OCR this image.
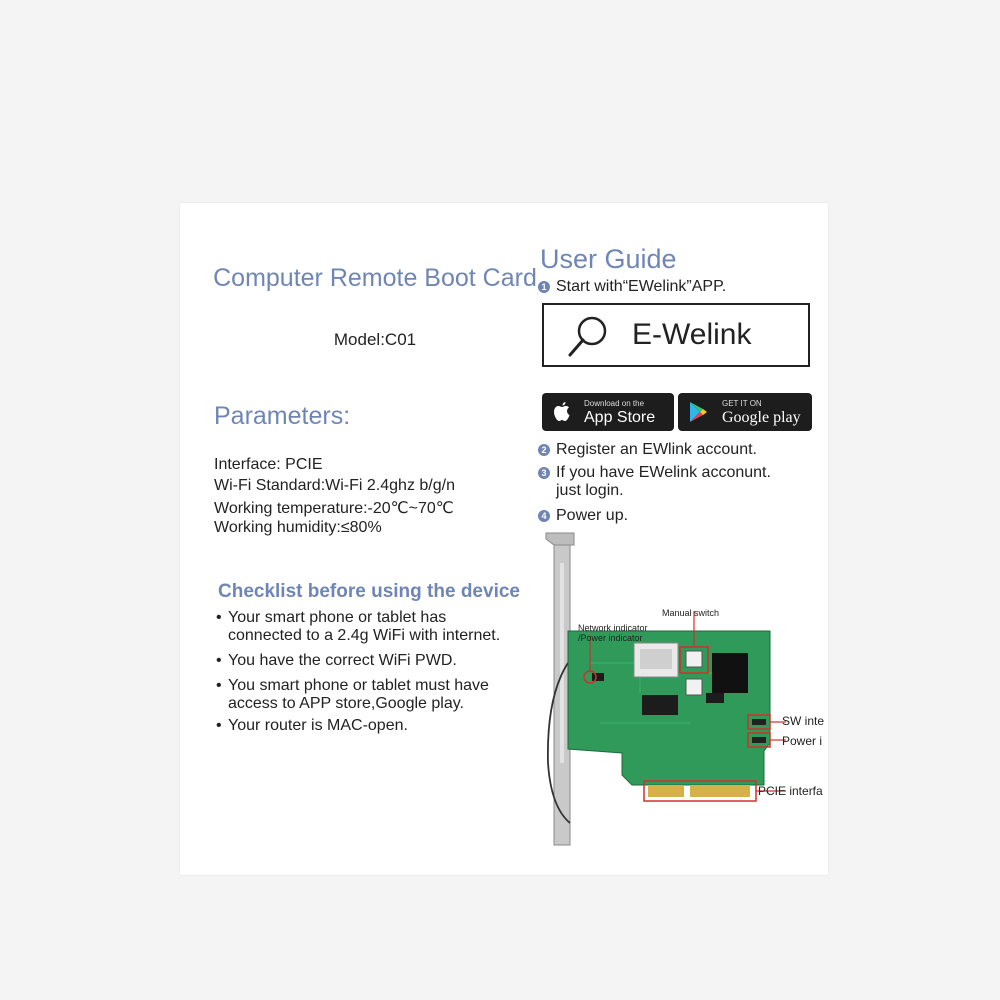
Computer Remote Boot Card
Model:C01
Parameters:
Interface: PCIE
Wi-Fi Standard:Wi-Fi 2.4ghz b/g/n
Working temperature:-20℃~70℃
Working humidity:≤80%
Checklist before using the device
• Your smart phone or tablet has
connected to a 2.4g WiFi with internet.
• You have the correct WiFi PWD.
• You smart phone or tablet must have
access to APP store,Google play.
• Your router is MAC-open.
User Guide
1 Start with“EWelink”APP.
E-Welink
Download on the
App Store
GET IT ON
Google play
2 Register an EWlink account.
3 If you have EWelink acconunt.
just login.
4 Power up.
Network indicator
/Power indicator
Manual switch
SW inte
Power i
PCIE interfa
